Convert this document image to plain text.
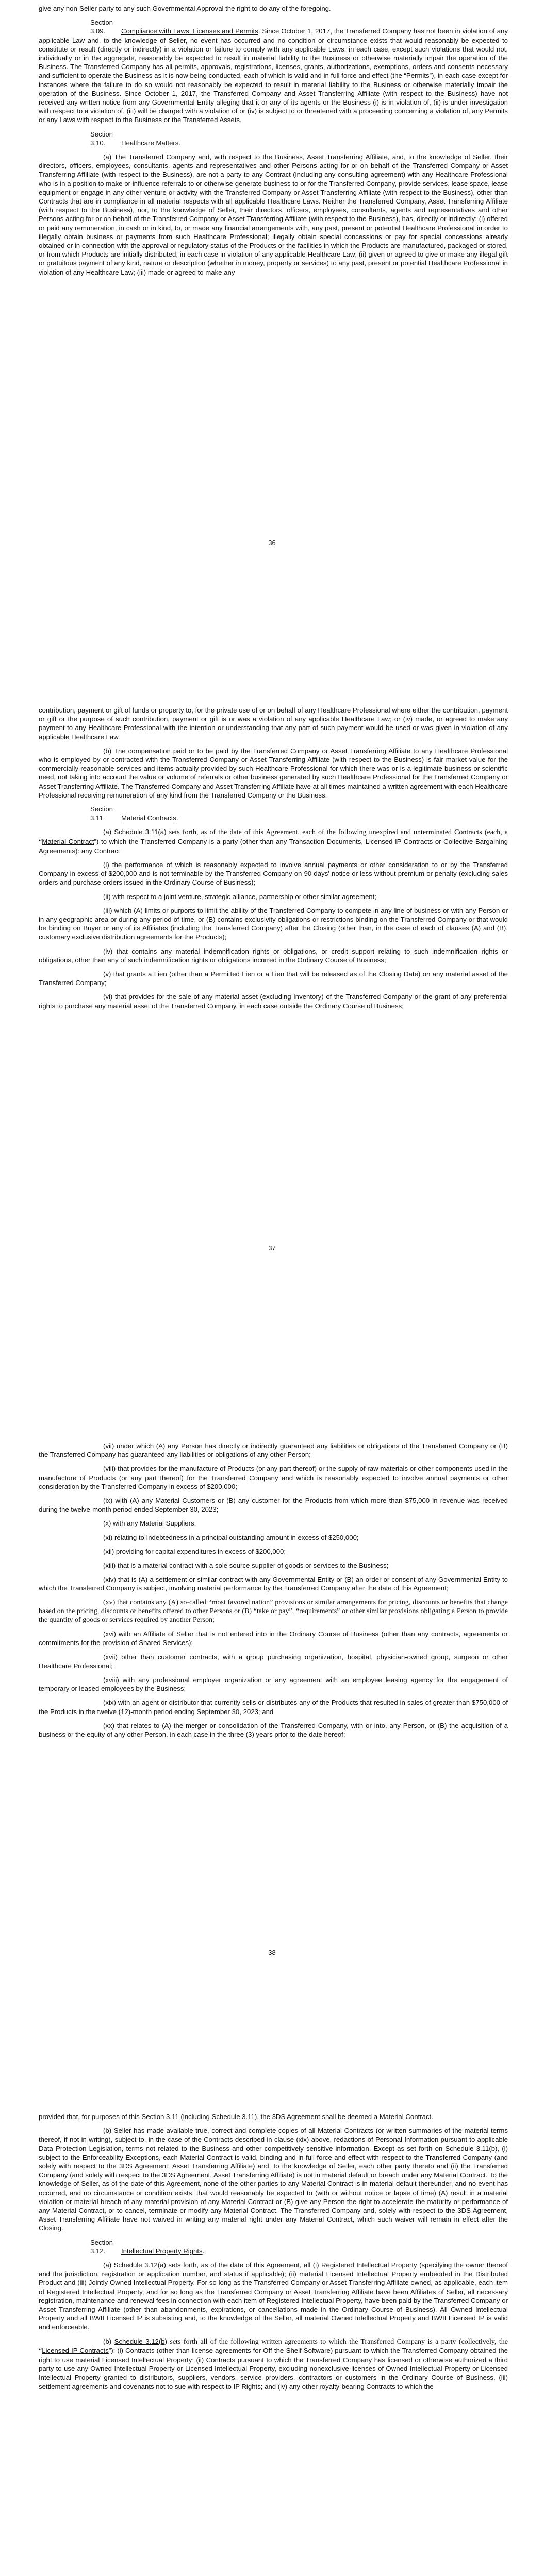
give any non-Seller party to any such Governmental Approval the right to do any of the foregoing.

Section 3.09. Compliance with Laws; Licenses and Permits. Since October 1, 2017, the Transferred Company has not been in violation of any applicable Law and, to the knowledge of Seller, no event has occurred and no condition or circumstance exists that would reasonably be expected to constitute or result (directly or indirectly) in a violation or failure to comply with any applicable Laws, in each case, except such violations that would not, individually or in the aggregate, reasonably be expected to result in material liability to the Business or otherwise materially impair the operation of the Business. The Transferred Company has all permits, approvals, registrations, licenses, grants, authorizations, exemptions, orders and consents necessary and sufficient to operate the Business as it is now being conducted, each of which is valid and in full force and effect (the “Permits”), in each case except for instances where the failure to do so would not reasonably be expected to result in material liability to the Business or otherwise materially impair the operation of the Business. Since October 1, 2017, the Transferred Company and Asset Transferring Affiliate (with respect to the Business) have not received any written notice from any Governmental Entity alleging that it or any of its agents or the Business (i) is in violation of, (ii) is under investigation with respect to a violation of, (iii) will be charged with a violation of or (iv) is subject to or threatened with a proceeding concerning a violation of, any Permits or any Laws with respect to the Business or the Transferred Assets.

Section 3.10. Healthcare Matters.

(a) The Transferred Company and, with respect to the Business, Asset Transferring Affiliate, and, to the knowledge of Seller, their directors, officers, employees, consultants, agents and representatives and other Persons acting for or on behalf of the Transferred Company or Asset Transferring Affiliate (with respect to the Business), are not a party to any Contract (including any consulting agreement) with any Healthcare Professional who is in a position to make or influence referrals to or otherwise generate business to or for the Transferred Company, provide services, lease space, lease equipment or engage in any other venture or activity with the Transferred Company or Asset Transferring Affiliate (with respect to the Business), other than Contracts that are in compliance in all material respects with all applicable Healthcare Laws. Neither the Transferred Company, Asset Transferring Affiliate (with respect to the Business), nor, to the knowledge of Seller, their directors, officers, employees, consultants, agents and representatives and other Persons acting for or on behalf of the Transferred Company or Asset Transferring Affiliate (with respect to the Business), has, directly or indirectly: (i) offered or paid any remuneration, in cash or in kind, to, or made any financial arrangements with, any past, present or potential Healthcare Professional in order to illegally obtain business or payments from such Healthcare Professional; illegally obtain special concessions or pay for special concessions already obtained or in connection with the approval or regulatory status of the Products or the facilities in which the Products are manufactured, packaged or stored, or from which Products are initially distributed, in each case in violation of any applicable Healthcare Law; (ii) given or agreed to give or make any illegal gift or gratuitous payment of any kind, nature or description (whether in money, property or services) to any past, present or potential Healthcare Professional in violation of any Healthcare Law; (iii) made or agreed to make any

36

contribution, payment or gift of funds or property to, for the private use of or on behalf of any Healthcare Professional where either the contribution, payment or gift or the purpose of such contribution, payment or gift is or was a violation of any applicable Healthcare Law; or (iv) made, or agreed to make any payment to any Healthcare Professional with the intention or understanding that any part of such payment would be used or was given in violation of any applicable Healthcare Law.

(b) The compensation paid or to be paid by the Transferred Company or Asset Transferring Affiliate to any Healthcare Professional who is employed by or contracted with the Transferred Company or Asset Transferring Affiliate (with respect to the Business) is fair market value for the commercially reasonable services and items actually provided by such Healthcare Professional for which there was or is a legitimate business or scientific need, not taking into account the value or volume of referrals or other business generated by such Healthcare Professional for the Transferred Company or Asset Transferring Affiliate. The Transferred Company and Asset Transferring Affiliate have at all times maintained a written agreement with each Healthcare Professional receiving remuneration of any kind from the Transferred Company or the Business.

Section 3.11. Material Contracts.

(a) Schedule 3.11(a) sets forth, as of the date of this Agreement, each of the following unexpired and unterminated Contracts (each, a “Material Contract”) to which the Transferred Company is a party (other than any Transaction Documents, Licensed IP Contracts or Collective Bargaining Agreements): any Contract

(i) the performance of which is reasonably expected to involve annual payments or other consideration to or by the Transferred Company in excess of $200,000 and is not terminable by the Transferred Company on 90 days’ notice or less without premium or penalty (excluding sales orders and purchase orders issued in the Ordinary Course of Business);

(ii) with respect to a joint venture, strategic alliance, partnership or other similar agreement;

(iii) which (A) limits or purports to limit the ability of the Transferred Company to compete in any line of business or with any Person or in any geographic area or during any period of time, or (B) contains exclusivity obligations or restrictions binding on the Transferred Company or that would be binding on Buyer or any of its Affiliates (including the Transferred Company) after the Closing (other than, in the case of each of clauses (A) and (B), customary exclusive distribution agreements for the Products);

(iv) that contains any material indemnification rights or obligations, or credit support relating to such indemnification rights or obligations, other than any of such indemnification rights or obligations incurred in the Ordinary Course of Business;

(v) that grants a Lien (other than a Permitted Lien or a Lien that will be released as of the Closing Date) on any material asset of the Transferred Company;

(vi) that provides for the sale of any material asset (excluding Inventory) of the Transferred Company or the grant of any preferential rights to purchase any material asset of the Transferred Company, in each case outside the Ordinary Course of Business;

37

(vii) under which (A) any Person has directly or indirectly guaranteed any liabilities or obligations of the Transferred Company or (B) the Transferred Company has guaranteed any liabilities or obligations of any other Person;

(viii) that provides for the manufacture of Products (or any part thereof) or the supply of raw materials or other components used in the manufacture of Products (or any part thereof) for the Transferred Company and which is reasonably expected to involve annual payments or other consideration by the Transferred Company in excess of $200,000;

(ix) with (A) any Material Customers or (B) any customer for the Products from which more than $75,000 in revenue was received during the twelve-month period ended September 30, 2023;

(x) with any Material Suppliers;

(xi) relating to Indebtedness in a principal outstanding amount in excess of $250,000;

(xii) providing for capital expenditures in excess of $200,000;

(xiii) that is a material contract with a sole source supplier of goods or services to the Business;

(xiv) that is (A) a settlement or similar contract with any Governmental Entity or (B) an order or consent of any Governmental Entity to which the Transferred Company is subject, involving material performance by the Transferred Company after the date of this Agreement;

(xv) that contains any (A) so-called “most favored nation” provisions or similar arrangements for pricing, discounts or benefits that change based on the pricing, discounts or benefits offered to other Persons or (B) “take or pay”, “requirements” or other similar provisions obligating a Person to provide the quantity of goods or services required by another Person;

(xvi) with an Affiliate of Seller that is not entered into in the Ordinary Course of Business (other than any contracts, agreements or commitments for the provision of Shared Services);

(xvii) other than customer contracts, with a group purchasing organization, hospital, physician-owned group, surgeon or other Healthcare Professional;

(xviii) with any professional employer organization or any agreement with an employee leasing agency for the engagement of temporary or leased employees by the Business;

(xix) with an agent or distributor that currently sells or distributes any of the Products that resulted in sales of greater than $750,000 of the Products in the twelve (12)-month period ending September 30, 2023; and

(xx) that relates to (A) the merger or consolidation of the Transferred Company, with or into, any Person, or (B) the acquisition of a business or the equity of any other Person, in each case in the three (3) years prior to the date hereof;

38

provided that, for purposes of this Section 3.11 (including Schedule 3.11), the 3DS Agreement shall be deemed a Material Contract.

(b) Seller has made available true, correct and complete copies of all Material Contracts (or written summaries of the material terms thereof, if not in writing), subject to, in the case of the Contracts described in clause (xix) above, redactions of Personal Information pursuant to applicable Data Protection Legislation, terms not related to the Business and other competitively sensitive information. Except as set forth on Schedule 3.11(b), (i) subject to the Enforceability Exceptions, each Material Contract is valid, binding and in full force and effect with respect to the Transferred Company (and solely with respect to the 3DS Agreement, Asset Transferring Affiliate) and, to the knowledge of Seller, each other party thereto and (ii) the Transferred Company (and solely with respect to the 3DS Agreement, Asset Transferring Affiliate) is not in material default or breach under any Material Contract. To the knowledge of Seller, as of the date of this Agreement, none of the other parties to any Material Contract is in material default thereunder, and no event has occurred, and no circumstance or condition exists, that would reasonably be expected to (with or without notice or lapse of time) (A) result in a material violation or material breach of any material provision of any Material Contract or (B) give any Person the right to accelerate the maturity or performance of any Material Contract, or to cancel, terminate or modify any Material Contract. The Transferred Company and, solely with respect to the 3DS Agreement, Asset Transferring Affiliate have not waived in writing any material right under any Material Contract, which such waiver will remain in effect after the Closing.

Section 3.12. Intellectual Property Rights.

(a) Schedule 3.12(a) sets forth, as of the date of this Agreement, all (i) Registered Intellectual Property (specifying the owner thereof and the jurisdiction, registration or application number, and status if applicable); (ii) material Licensed Intellectual Property embedded in the Distributed Product and (iii) Jointly Owned Intellectual Property. For so long as the Transferred Company or Asset Transferring Affiliate owned, as applicable, each item of Registered Intellectual Property, and for so long as the Transferred Company or Asset Transferring Affiliate have been Affiliates of Seller, all necessary registration, maintenance and renewal fees in connection with each item of Registered Intellectual Property, have been paid by the Transferred Company or Asset Transferring Affiliate (other than abandonments, expirations, or cancellations made in the Ordinary Course of Business). All Owned Intellectual Property and all BWII Licensed IP is subsisting and, to the knowledge of the Seller, all material Owned Intellectual Property and BWII Licensed IP is valid and enforceable.

(b) Schedule 3.12(b) sets forth all of the following written agreements to which the Transferred Company is a party (collectively, the “Licensed IP Contracts”): (i) Contracts (other than license agreements for Off-the-Shelf Software) pursuant to which the Transferred Company obtained the right to use material Licensed Intellectual Property; (ii) Contracts pursuant to which the Transferred Company has licensed or otherwise authorized a third party to use any Owned Intellectual Property or Licensed Intellectual Property, excluding nonexclusive licenses of Owned Intellectual Property or Licensed Intellectual Property granted to distributors, suppliers, vendors, service providers, contractors or customers in the Ordinary Course of Business, (iii) settlement agreements and covenants not to sue with respect to IP Rights; and (iv) any other royalty-bearing Contracts to which the
